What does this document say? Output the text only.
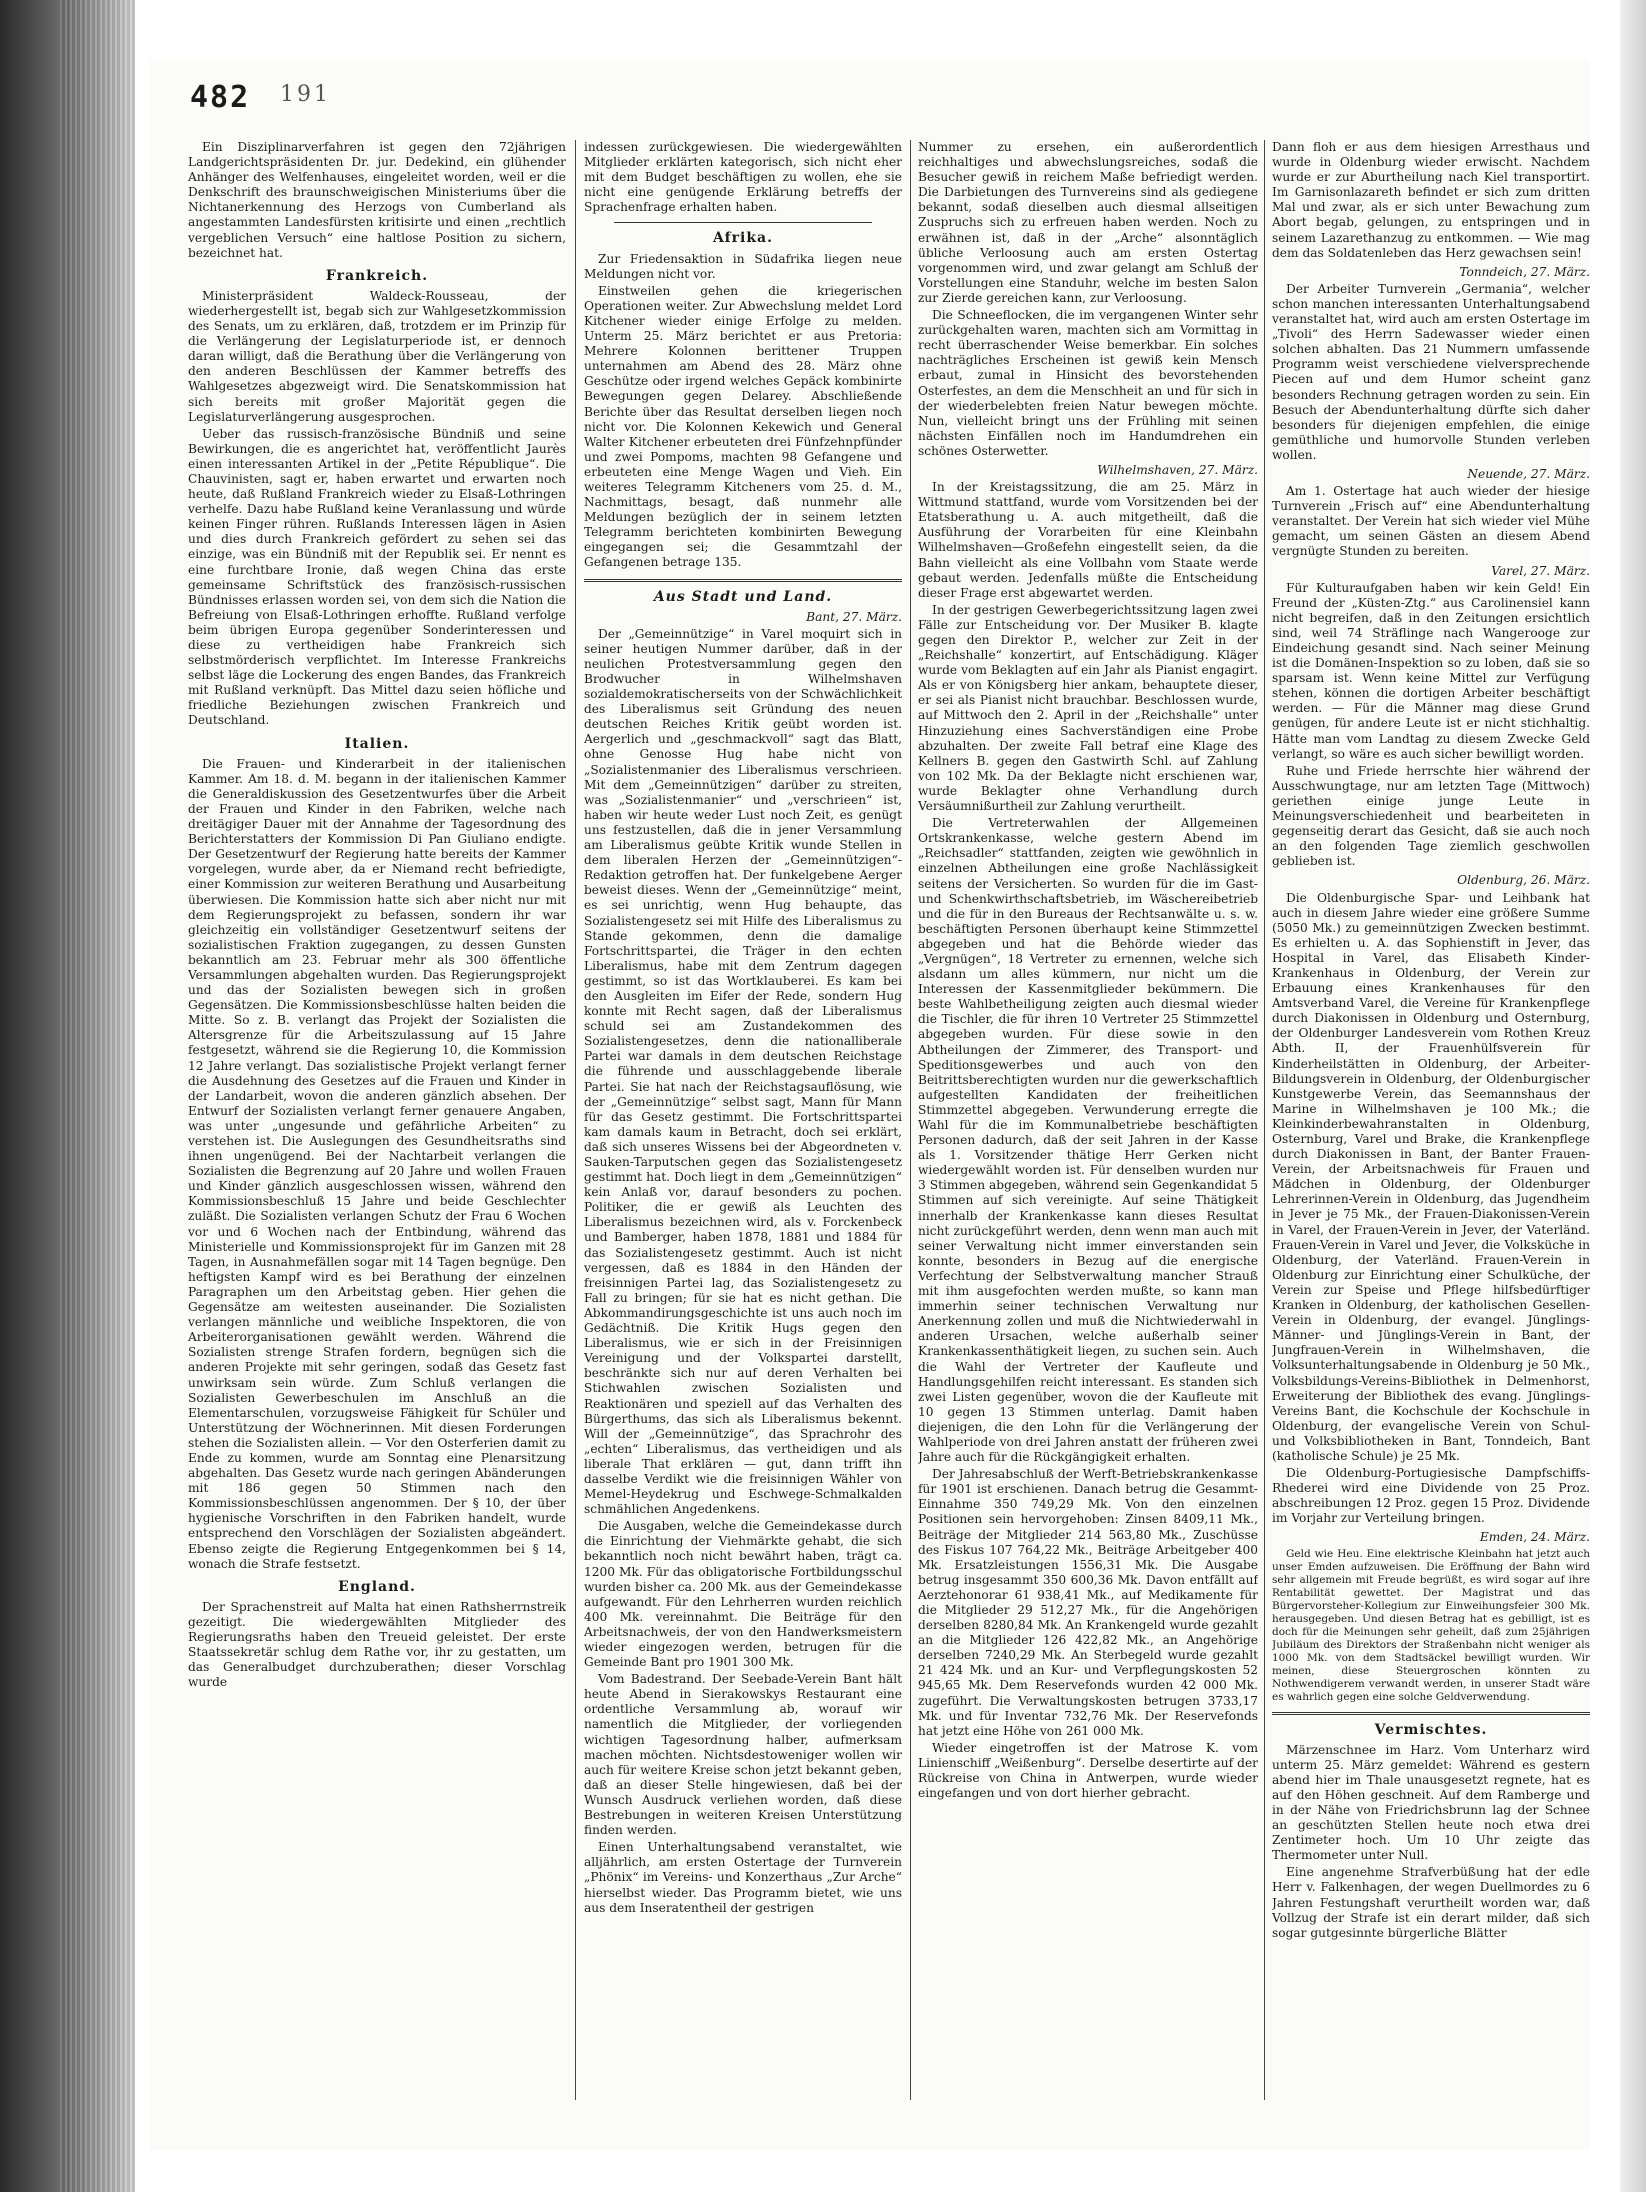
482 191

Ein Disziplinarverfahren ist gegen den 72jährigen Landgerichtspräsidenten Dr. jur. Dedekind, ein glühender Anhänger des Welfenhauses, eingeleitet worden, weil er die Denkschrift des braunschweigischen Ministeriums über die Nichtanerkennung des Herzogs von Cumberland als angestammten Landesfürsten kritisirte und einen „rechtlich vergeblichen Versuch“ eine haltlose Position zu sichern, bezeichnet hat.

Frankreich.

Ministerpräsident Waldeck-Rousseau, der wiederhergestellt ist, begab sich zur Wahlgesetzkommission des Senats, um zu erklären, daß, trotzdem er im Prinzip für die Verlängerung der Legislaturperiode ist, er dennoch daran willigt, daß die Berathung über die Verlängerung von den anderen Beschlüssen der Kammer betreffs des Wahlgesetzes abgezweigt wird. Die Senatskommission hat sich bereits mit großer Majorität gegen die Legislaturverlängerung ausgesprochen.

Ueber das russisch-französische Bündniß und seine Bewirkungen, die es angerichtet hat, veröffentlicht Jaurès einen interessanten Artikel in der „Petite République“. Die Chauvinisten, sagt er, haben erwartet und erwarten noch heute, daß Rußland Frankreich wieder zu Elsaß-Lothringen verhelfe. Dazu habe Rußland keine Veranlassung und würde keinen Finger rühren. Rußlands Interessen lägen in Asien und dies durch Frankreich gefördert zu sehen sei das einzige, was ein Bündniß mit der Republik sei. Er nennt es eine furchtbare Ironie, daß wegen China das erste gemeinsame Schriftstück des französisch-russischen Bündnisses erlassen worden sei, von dem sich die Nation die Befreiung von Elsaß-Lothringen erhoffte. Rußland verfolge beim übrigen Europa gegenüber Sonderinteressen und diese zu vertheidigen habe Frankreich sich selbstmörderisch verpflichtet. Im Interesse Frankreichs selbst läge die Lockerung des engen Bandes, das Frankreich mit Rußland verknüpft. Das Mittel dazu seien höfliche und friedliche Beziehungen zwischen Frankreich und Deutschland.

Italien.

Die Frauen- und Kinderarbeit in der italienischen Kammer. Am 18. d. M. begann in der italienischen Kammer die Generaldiskussion des Gesetzentwurfes über die Arbeit der Frauen und Kinder in den Fabriken, welche nach dreitägiger Dauer mit der Annahme der Tagesordnung des Berichterstatters der Kommission Di Pan Giuliano endigte. Der Gesetzentwurf der Regierung hatte bereits der Kammer vorgelegen, wurde aber, da er Niemand recht befriedigte, einer Kommission zur weiteren Berathung und Ausarbeitung überwiesen. Die Kommission hatte sich aber nicht nur mit dem Regierungsprojekt zu befassen, sondern ihr war gleichzeitig ein vollständiger Gesetzentwurf seitens der sozialistischen Fraktion zugegangen, zu dessen Gunsten bekanntlich am 23. Februar mehr als 300 öffentliche Versammlungen abgehalten wurden. Das Regierungsprojekt und das der Sozialisten bewegen sich in großen Gegensätzen. Die Kommissionsbeschlüsse halten beiden die Mitte. So z. B. verlangt das Projekt der Sozialisten die Altersgrenze für die Arbeitszulassung auf 15 Jahre festgesetzt, während sie die Regierung 10, die Kommission 12 Jahre verlangt. Das sozialistische Projekt verlangt ferner die Ausdehnung des Gesetzes auf die Frauen und Kinder in der Landarbeit, wovon die anderen gänzlich absehen. Der Entwurf der Sozialisten verlangt ferner genauere Angaben, was unter „ungesunde und gefährliche Arbeiten“ zu verstehen ist. Die Auslegungen des Gesundheitsraths sind ihnen ungenügend. Bei der Nachtarbeit verlangen die Sozialisten die Begrenzung auf 20 Jahre und wollen Frauen und Kinder gänzlich ausgeschlossen wissen, während den Kommissionsbeschluß 15 Jahre und beide Geschlechter zuläßt. Die Sozialisten verlangen Schutz der Frau 6 Wochen vor und 6 Wochen nach der Entbindung, während das Ministerielle und Kommissionsprojekt für im Ganzen mit 28 Tagen, in Ausnahmefällen sogar mit 14 Tagen begnüge. Den heftigsten Kampf wird es bei Berathung der einzelnen Paragraphen um den Arbeitstag geben. Hier gehen die Gegensätze am weitesten auseinander. Die Sozialisten verlangen männliche und weibliche Inspektoren, die von Arbeiterorganisationen gewählt werden. Während die Sozialisten strenge Strafen fordern, begnügen sich die anderen Projekte mit sehr geringen, sodaß das Gesetz fast unwirksam sein würde. Zum Schluß verlangen die Sozialisten Gewerbeschulen im Anschluß an die Elementarschulen, vorzugsweise Fähigkeit für Schüler und Unterstützung der Wöchnerinnen. Mit diesen Forderungen stehen die Sozialisten allein. — Vor den Osterferien damit zu Ende zu kommen, wurde am Sonntag eine Plenarsitzung abgehalten. Das Gesetz wurde nach geringen Abänderungen mit 186 gegen 50 Stimmen nach den Kommissionsbeschlüssen angenommen. Der § 10, der über hygienische Vorschriften in den Fabriken handelt, wurde entsprechend den Vorschlägen der Sozialisten abgeändert. Ebenso zeigte die Regierung Entgegenkommen bei § 14, wonach die Strafe festsetzt.

England.

Der Sprachenstreit auf Malta hat einen Rathsherrnstreik gezeitigt. Die wiedergewählten Mitglieder des Regierungsraths haben den Treueid geleistet. Der erste Staatssekretär schlug dem Rathe vor, ihr zu gestatten, um das Generalbudget durchzuberathen; dieser Vorschlag wurde

indessen zurückgewiesen. Die wiedergewählten Mitglieder erklärten kategorisch, sich nicht eher mit dem Budget beschäftigen zu wollen, ehe sie nicht eine genügende Erklärung betreffs der Sprachenfrage erhalten haben.

Afrika.

Zur Friedensaktion in Südafrika liegen neue Meldungen nicht vor.

Einstweilen gehen die kriegerischen Operationen weiter. Zur Abwechslung meldet Lord Kitchener wieder einige Erfolge zu melden. Unterm 25. März berichtet er aus Pretoria: Mehrere Kolonnen berittener Truppen unternahmen am Abend des 28. März ohne Geschütze oder irgend welches Gepäck kombinirte Bewegungen gegen Delarey. Abschließende Berichte über das Resultat derselben liegen noch nicht vor. Die Kolonnen Kekewich und General Walter Kitchener erbeuteten drei Fünfzehnpfünder und zwei Pompoms, machten 98 Gefangene und erbeuteten eine Menge Wagen und Vieh. Ein weiteres Telegramm Kitcheners vom 25. d. M., Nachmittags, besagt, daß nunmehr alle Meldungen bezüglich der in seinem letzten Telegramm berichteten kombinirten Bewegung eingegangen sei; die Gesammtzahl der Gefangenen betrage 135.

Aus Stadt und Land.

Bant, 27. März.

Der „Gemeinnützige“ in Varel moquirt sich in seiner heutigen Nummer darüber, daß in der neulichen Protestversammlung gegen den Brodwucher in Wilhelmshaven sozialdemokratischerseits von der Schwächlichkeit des Liberalismus seit Gründung des neuen deutschen Reiches Kritik geübt worden ist. Aergerlich und „geschmackvoll“ sagt das Blatt, ohne Genosse Hug habe nicht von „Sozialistenmanier des Liberalismus verschrieen. Mit dem „Gemeinnützigen“ darüber zu streiten, was „Sozialistenmanier“ und „verschrieen“ ist, haben wir heute weder Lust noch Zeit, es genügt uns festzustellen, daß die in jener Versammlung am Liberalismus geübte Kritik wunde Stellen in dem liberalen Herzen der „Gemeinnützigen“-Redaktion getroffen hat. Der funkelgebene Aerger beweist dieses. Wenn der „Gemeinnützige“ meint, es sei unrichtig, wenn Hug behaupte, das Sozialistengesetz sei mit Hilfe des Liberalismus zu Stande gekommen, denn die damalige Fortschrittspartei, die Träger in den echten Liberalismus, habe mit dem Zentrum dagegen gestimmt, so ist das Wortklauberei. Es kam bei den Ausgleiten im Eifer der Rede, sondern Hug konnte mit Recht sagen, daß der Liberalismus schuld sei am Zustandekommen des Sozialistengesetzes, denn die nationalliberale Partei war damals in dem deutschen Reichstage die führende und ausschlaggebende liberale Partei. Sie hat nach der Reichstagsauflösung, wie der „Gemeinnützige“ selbst sagt, Mann für Mann für das Gesetz gestimmt. Die Fortschrittspartei kam damals kaum in Betracht, doch sei erklärt, daß sich unseres Wissens bei der Abgeordneten v. Sauken-Tarputschen gegen das Sozialistengesetz gestimmt hat. Doch liegt in dem „Gemeinnützigen“ kein Anlaß vor, darauf besonders zu pochen. Politiker, die er gewiß als Leuchten des Liberalismus bezeichnen wird, als v. Forckenbeck und Bamberger, haben 1878, 1881 und 1884 für das Sozialistengesetz gestimmt. Auch ist nicht vergessen, daß es 1884 in den Händen der freisinnigen Partei lag, das Sozialistengesetz zu Fall zu bringen; für sie hat es nicht gethan. Die Abkommandirungsgeschichte ist uns auch noch im Gedächtniß. Die Kritik Hugs gegen den Liberalismus, wie er sich in der Freisinnigen Vereinigung und der Volkspartei darstellt, beschränkte sich nur auf deren Verhalten bei Stichwahlen zwischen Sozialisten und Reaktionären und speziell auf das Verhalten des Bürgerthums, das sich als Liberalismus bekennt. Will der „Gemeinnützige“, das Sprachrohr des „echten“ Liberalismus, das vertheidigen und als liberale That erklären — gut, dann trifft ihn dasselbe Verdikt wie die freisinnigen Wähler von Memel-Heydekrug und Eschwege-Schmalkalden schmählichen Angedenkens.

Die Ausgaben, welche die Gemeindekasse durch die Einrichtung der Viehmärkte gehabt, die sich bekanntlich noch nicht bewährt haben, trägt ca. 1200 Mk. Für das obligatorische Fortbildungsschul wurden bisher ca. 200 Mk. aus der Gemeindekasse aufgewandt. Für den Lehrherren wurden reichlich 400 Mk. vereinnahmt. Die Beiträge für den Arbeitsnachweis, der von den Handwerksmeistern wieder eingezogen werden, betrugen für die Gemeinde Bant pro 1901 300 Mk.

Vom Badestrand. Der Seebade-Verein Bant hält heute Abend in Sierakowskys Restaurant eine ordentliche Versammlung ab, worauf wir namentlich die Mitglieder, der vorliegenden wichtigen Tagesordnung halber, aufmerksam machen möchten. Nichtsdestoweniger wollen wir auch für weitere Kreise schon jetzt bekannt geben, daß an dieser Stelle hingewiesen, daß bei der Wunsch Ausdruck verliehen worden, daß diese Bestrebungen in weiteren Kreisen Unterstützung finden werden.

Einen Unterhaltungsabend veranstaltet, wie alljährlich, am ersten Ostertage der Turnverein „Phönix“ im Vereins- und Konzerthaus „Zur Arche“ hierselbst wieder. Das Programm bietet, wie uns aus dem Inseratentheil der gestrigen

Nummer zu ersehen, ein außerordentlich reichhaltiges und abwechslungsreiches, sodaß die Besucher gewiß in reichem Maße befriedigt werden. Die Darbietungen des Turnvereins sind als gediegene bekannt, sodaß dieselben auch diesmal allseitigen Zuspruchs sich zu erfreuen haben werden. Noch zu erwähnen ist, daß in der „Arche“ alsonntäglich übliche Verloosung auch am ersten Ostertag vorgenommen wird, und zwar gelangt am Schluß der Vorstellungen eine Standuhr, welche im besten Salon zur Zierde gereichen kann, zur Verloosung.

Die Schneeflocken, die im vergangenen Winter sehr zurückgehalten waren, machten sich am Vormittag in recht überraschender Weise bemerkbar. Ein solches nachträgliches Erscheinen ist gewiß kein Mensch erbaut, zumal in Hinsicht des bevorstehenden Osterfestes, an dem die Menschheit an und für sich in der wiederbelebten freien Natur bewegen möchte. Nun, vielleicht bringt uns der Frühling mit seinen nächsten Einfällen noch im Handumdrehen ein schönes Osterwetter.

Wilhelmshaven, 27. März.

In der Kreistagssitzung, die am 25. März in Wittmund stattfand, wurde vom Vorsitzenden bei der Etatsberathung u. A. auch mitgetheilt, daß die Ausführung der Vorarbeiten für eine Kleinbahn Wilhelmshaven—Großefehn eingestellt seien, da die Bahn vielleicht als eine Vollbahn vom Staate werde gebaut werden. Jedenfalls müßte die Entscheidung dieser Frage erst abgewartet werden.

In der gestrigen Gewerbegerichtssitzung lagen zwei Fälle zur Entscheidung vor. Der Musiker B. klagte gegen den Direktor P., welcher zur Zeit in der „Reichshalle“ konzertirt, auf Entschädigung. Kläger wurde vom Beklagten auf ein Jahr als Pianist engagirt. Als er von Königsberg hier ankam, behauptete dieser, er sei als Pianist nicht brauchbar. Beschlossen wurde, auf Mittwoch den 2. April in der „Reichshalle“ unter Hinzuziehung eines Sachverständigen eine Probe abzuhalten. Der zweite Fall betraf eine Klage des Kellners B. gegen den Gastwirth Schl. auf Zahlung von 102 Mk. Da der Beklagte nicht erschienen war, wurde Beklagter ohne Verhandlung durch Versäumnißurtheil zur Zahlung verurtheilt.

Die Vertreterwahlen der Allgemeinen Ortskrankenkasse, welche gestern Abend im „Reichsadler“ stattfanden, zeigten wie gewöhnlich in einzelnen Abtheilungen eine große Nachlässigkeit seitens der Versicherten. So wurden für die im Gast- und Schenkwirthschaftsbetrieb, im Wäschereibetrieb und die für in den Bureaus der Rechtsanwälte u. s. w. beschäftigten Personen überhaupt keine Stimmzettel abgegeben und hat die Behörde wieder das „Vergnügen“, 18 Vertreter zu ernennen, welche sich alsdann um alles kümmern, nur nicht um die Interessen der Kassenmitglieder bekümmern. Die beste Wahlbetheiligung zeigten auch diesmal wieder die Tischler, die für ihren 10 Vertreter 25 Stimmzettel abgegeben wurden. Für diese sowie in den Abtheilungen der Zimmerer, des Transport- und Speditionsgewerbes und auch von den Beitrittsberechtigten wurden nur die gewerkschaftlich aufgestellten Kandidaten der freiheitlichen Stimmzettel abgegeben. Verwunderung erregte die Wahl für die im Kommunalbetriebe beschäftigten Personen dadurch, daß der seit Jahren in der Kasse als 1. Vorsitzender thätige Herr Gerken nicht wiedergewählt worden ist. Für denselben wurden nur 3 Stimmen abgegeben, während sein Gegenkandidat 5 Stimmen auf sich vereinigte. Auf seine Thätigkeit innerhalb der Krankenkasse kann dieses Resultat nicht zurückgeführt werden, denn wenn man auch mit seiner Verwaltung nicht immer einverstanden sein konnte, besonders in Bezug auf die energische Verfechtung der Selbstverwaltung mancher Strauß mit ihm ausgefochten werden mußte, so kann man immerhin seiner technischen Verwaltung nur Anerkennung zollen und muß die Nichtwiederwahl in anderen Ursachen, welche außerhalb seiner Krankenkassenthätigkeit liegen, zu suchen sein. Auch die Wahl der Vertreter der Kaufleute und Handlungsgehilfen reicht interessant. Es standen sich zwei Listen gegenüber, wovon die der Kaufleute mit 10 gegen 13 Stimmen unterlag. Damit haben diejenigen, die den Lohn für die Verlängerung der Wahlperiode von drei Jahren anstatt der früheren zwei Jahre auch für die Rückgängigkeit erhalten.

Der Jahresabschluß der Werft-Betriebskrankenkasse für 1901 ist erschienen. Danach betrug die Gesammt-Einnahme 350 749,29 Mk. Von den einzelnen Positionen sein hervorgehoben: Zinsen 8409,11 Mk., Beiträge der Mitglieder 214 563,80 Mk., Zuschüsse des Fiskus 107 764,22 Mk., Beiträge Arbeitgeber 400 Mk. Ersatzleistungen 1556,31 Mk. Die Ausgabe betrug insgesammt 350 600,36 Mk. Davon entfällt auf Aerztehonorar 61 938,41 Mk., auf Medikamente für die Mitglieder 29 512,27 Mk., für die Angehörigen derselben 8280,84 Mk. An Krankengeld wurde gezahlt an die Mitglieder 126 422,82 Mk., an Angehörige derselben 7240,29 Mk. An Sterbegeld wurde gezahlt 21 424 Mk. und an Kur- und Verpflegungskosten 52 945,65 Mk. Dem Reservefonds wurden 42 000 Mk. zugeführt. Die Verwaltungskosten betrugen 3733,17 Mk. und für Inventar 732,76 Mk. Der Reservefonds hat jetzt eine Höhe von 261 000 Mk.

Wieder eingetroffen ist der Matrose K. vom Linienschiff „Weißenburg“. Derselbe desertirte auf der Rückreise von China in Antwerpen, wurde wieder eingefangen und von dort hierher gebracht.

Dann floh er aus dem hiesigen Arresthaus und wurde in Oldenburg wieder erwischt. Nachdem wurde er zur Aburtheilung nach Kiel transportirt. Im Garnisonlazareth befindet er sich zum dritten Mal und zwar, als er sich unter Bewachung zum Abort begab, gelungen, zu entspringen und in seinem Lazarethanzug zu entkommen. — Wie mag dem das Soldatenleben das Herz gewachsen sein!

Tonndeich, 27. März.

Der Arbeiter Turnverein „Germania“, welcher schon manchen interessanten Unterhaltungsabend veranstaltet hat, wird auch am ersten Ostertage im „Tivoli“ des Herrn Sadewasser wieder einen solchen abhalten. Das 21 Nummern umfassende Programm weist verschiedene vielversprechende Piecen auf und dem Humor scheint ganz besonders Rechnung getragen worden zu sein. Ein Besuch der Abendunterhaltung dürfte sich daher besonders für diejenigen empfehlen, die einige gemüthliche und humorvolle Stunden verleben wollen.

Neuende, 27. März.

Am 1. Ostertage hat auch wieder der hiesige Turnverein „Frisch auf“ eine Abendunterhaltung veranstaltet. Der Verein hat sich wieder viel Mühe gemacht, um seinen Gästen an diesem Abend vergnügte Stunden zu bereiten.

Varel, 27. März.

Für Kulturaufgaben haben wir kein Geld! Ein Freund der „Küsten-Ztg.“ aus Carolinensiel kann nicht begreifen, daß in den Zeitungen ersichtlich sind, weil 74 Sträflinge nach Wangerooge zur Eindeichung gesandt sind. Nach seiner Meinung ist die Domänen-Inspektion so zu loben, daß sie so sparsam ist. Wenn keine Mittel zur Verfügung stehen, können die dortigen Arbeiter beschäftigt werden. — Für die Männer mag diese Grund genügen, für andere Leute ist er nicht stichhaltig. Hätte man vom Landtag zu diesem Zwecke Geld verlangt, so wäre es auch sicher bewilligt worden.

Ruhe und Friede herrschte hier während der Ausschwungtage, nur am letzten Tage (Mittwoch) geriethen einige junge Leute in Meinungsverschiedenheit und bearbeiteten in gegenseitig derart das Gesicht, daß sie auch noch an den folgenden Tage ziemlich geschwollen geblieben ist.

Oldenburg, 26. März.

Die Oldenburgische Spar- und Leihbank hat auch in diesem Jahre wieder eine größere Summe (5050 Mk.) zu gemeinnützigen Zwecken bestimmt. Es erhielten u. A. das Sophienstift in Jever, das Hospital in Varel, das Elisabeth Kinder-Krankenhaus in Oldenburg, der Verein zur Erbauung eines Krankenhauses für den Amtsverband Varel, die Vereine für Krankenpflege durch Diakonissen in Oldenburg und Osternburg, der Oldenburger Landesverein vom Rothen Kreuz Abth. II, der Frauenhülfsverein für Kinderheilstätten in Oldenburg, der Arbeiter-Bildungsverein in Oldenburg, der Oldenburgischer Kunstgewerbe Verein, das Seemannshaus der Marine in Wilhelmshaven je 100 Mk.; die Kleinkinderbewahranstalten in Oldenburg, Osternburg, Varel und Brake, die Krankenpflege durch Diakonissen in Bant, der Banter Frauen-Verein, der Arbeitsnachweis für Frauen und Mädchen in Oldenburg, der Oldenburger Lehrerinnen-Verein in Oldenburg, das Jugendheim in Jever je 75 Mk., der Frauen-Diakonissen-Verein in Varel, der Frauen-Verein in Jever, der Vaterländ. Frauen-Verein in Varel und Jever, die Volksküche in Oldenburg, der Vaterländ. Frauen-Verein in Oldenburg zur Einrichtung einer Schulküche, der Verein zur Speise und Pflege hilfsbedürftiger Kranken in Oldenburg, der katholischen Gesellen-Verein in Oldenburg, der evangel. Jünglings-Männer- und Jünglings-Verein in Bant, der Jungfrauen-Verein in Wilhelmshaven, die Volksunterhaltungsabende in Oldenburg je 50 Mk., Volksbildungs-Vereins-Bibliothek in Delmenhorst, Erweiterung der Bibliothek des evang. Jünglings-Vereins Bant, die Kochschule der Kochschule in Oldenburg, der evangelische Verein von Schul- und Volksbibliotheken in Bant, Tonndeich, Bant (katholische Schule) je 25 Mk.

Die Oldenburg-Portugiesische Dampfschiffs-Rhederei wird eine Dividende von 25 Proz. abschreibungen 12 Proz. gegen 15 Proz. Dividende im Vorjahr zur Verteilung bringen.

Emden, 24. März.

Geld wie Heu. Eine elektrische Kleinbahn hat jetzt auch unser Emden aufzuweisen. Die Eröffnung der Bahn wird sehr allgemein mit Freude begrüßt, es wird sogar auf ihre Rentabilität gewettet. Der Magistrat und das Bürgervorsteher-Kollegium zur Einweihungsfeier 300 Mk. herausgegeben. Und diesen Betrag hat es gebilligt, ist es doch für die Meinungen sehr geheilt, daß zum 25jährigen Jubiläum des Direktors der Straßenbahn nicht weniger als 1000 Mk. von dem Stadtsäckel bewilligt wurden. Wir meinen, diese Steuergroschen könnten zu Nothwendigerem verwandt werden, in unserer Stadt wäre es wahrlich gegen eine solche Geldverwendung.

Vermischtes.

Märzenschnee im Harz. Vom Unterharz wird unterm 25. März gemeldet: Während es gestern abend hier im Thale unausgesetzt regnete, hat es auf den Höhen geschneit. Auf dem Ramberge und in der Nähe von Friedrichsbrunn lag der Schnee an geschützten Stellen heute noch etwa drei Zentimeter hoch. Um 10 Uhr zeigte das Thermometer unter Null.

Eine angenehme Strafverbüßung hat der edle Herr v. Falkenhagen, der wegen Duellmordes zu 6 Jahren Festungshaft verurtheilt worden war, daß Vollzug der Strafe ist ein derart milder, daß sich sogar gutgesinnte bürgerliche Blätter
